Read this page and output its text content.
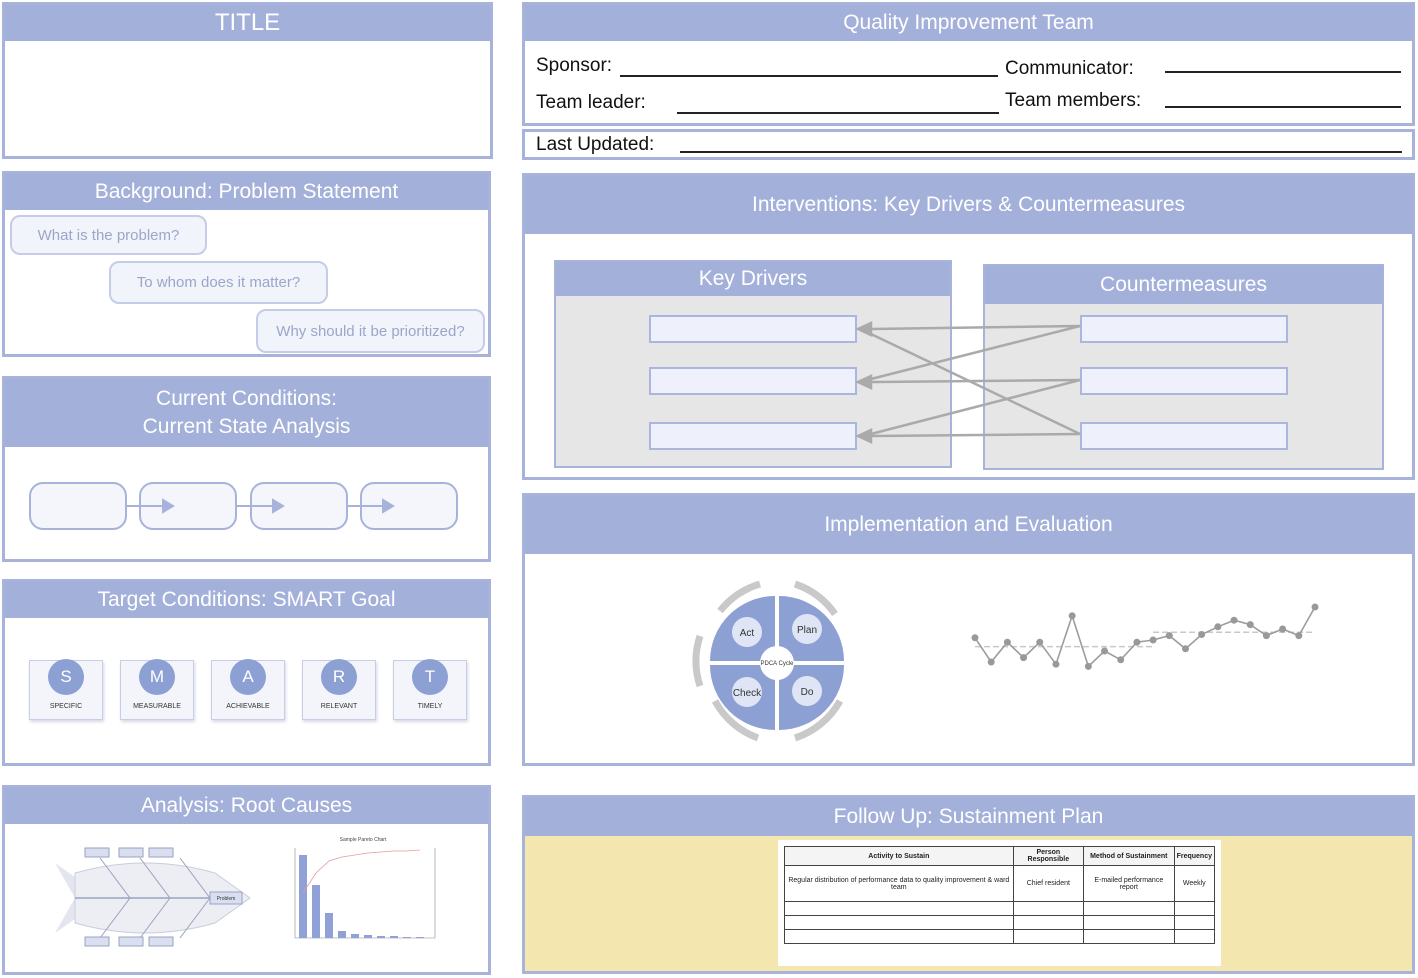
TITLE	Quality Improvement Team
Sponsor:	Communicator:
Team leader:	Team members:
Last Updated:
Background: Problem Statement
What is the problem?
To whom does it matter?
Why should it be prioritized?
Current Conditions:
Current State Analysis
Target Conditions: SMART Goal
S
SPECIFIC
M
MEASURABLE
A
ACHIEVABLE
R
RELEVANT
T
TIMELY
Analysis: Root Causes
Problem
Sample Pareto Chart
Interventions: Key Drivers & Countermeasures
Key Drivers	Countermeasures
Implementation and Evaluation
Act	Plan
Check	Do
PDCA Cycle
Follow Up: Sustainment Plan
Activity to Sustain	Person Responsible	Method of Sustainment	Frequency
Regular distribution of performance data to quality improvement & ward team	Chief resident	E-mailed performance report	Weekly
